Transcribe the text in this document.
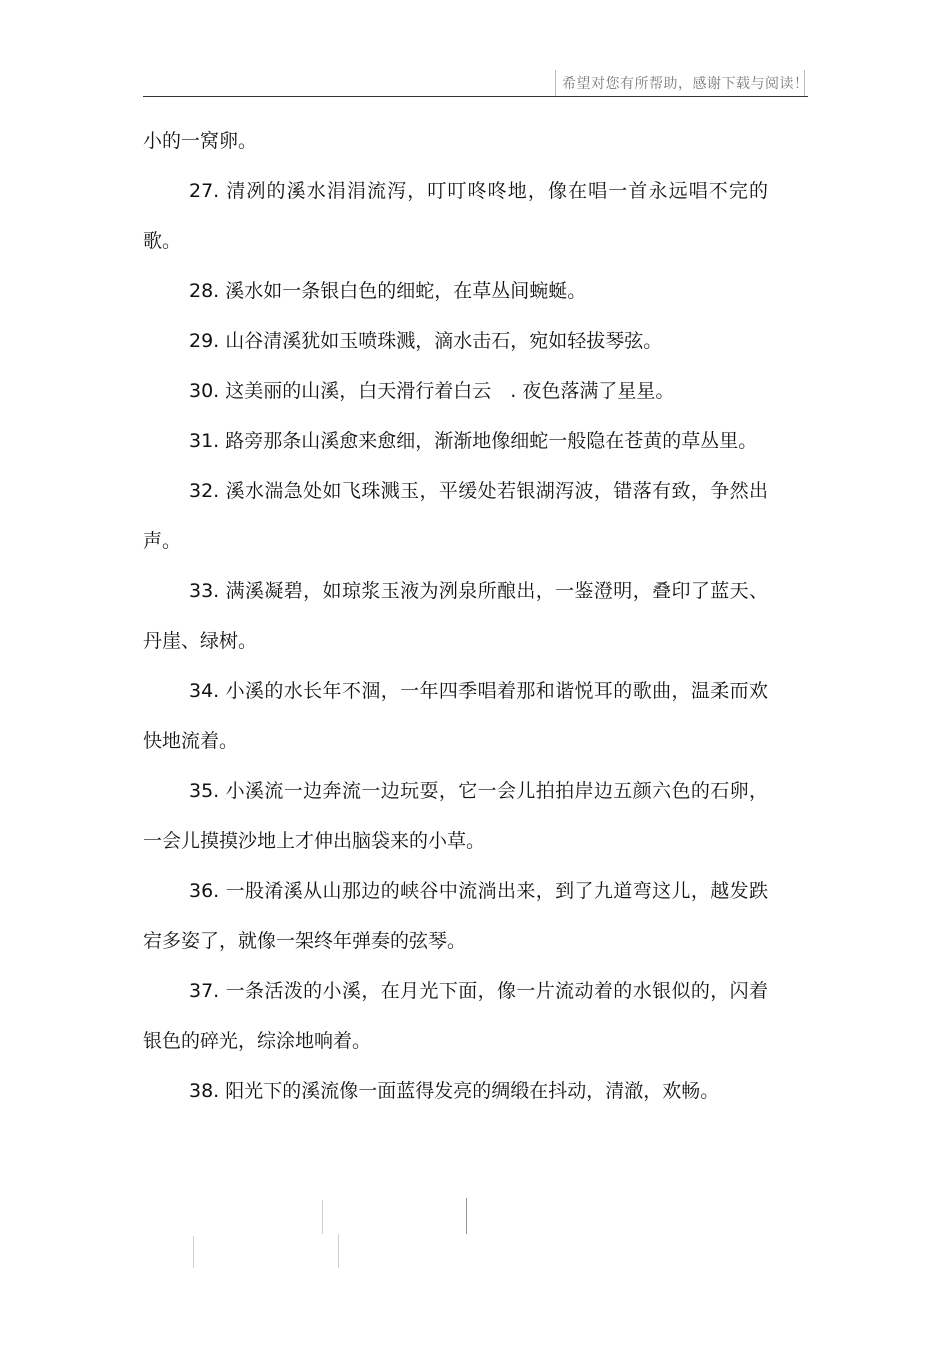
希望对您有所帮助，感谢下载与阅读！

小的一窝卵。

27. 清冽的溪水涓涓流泻，叮叮咚咚地，像在唱一首永远唱不完的歌。

28. 溪水如一条银白色的细蛇，在草丛间蜿蜒。

29. 山谷清溪犹如玉喷珠溅，滴水击石，宛如轻拔琴弦。

30. 这美丽的山溪，白天滑行着白云　. 夜色落满了星星。

31. 路旁那条山溪愈来愈细，渐渐地像细蛇一般隐在苍黄的草丛里。

32. 溪水湍急处如飞珠溅玉，平缓处若银湖泻波，错落有致，争然出声。

33. 满溪凝碧，如琼浆玉液为洌泉所酿出，一鉴澄明，叠印了蓝天、丹崖、绿树。

34. 小溪的水长年不涸，一年四季唱着那和谐悦耳的歌曲，温柔而欢快地流着。

35. 小溪流一边奔流一边玩耍，它一会儿拍拍岸边五颜六色的石卵，一会儿摸摸沙地上才伸出脑袋来的小草。

36. 一股淆溪从山那边的峡谷中流淌出来，到了九道弯这儿，越发跌宕多姿了，就像一架终年弹奏的弦琴。

37. 一条活泼的小溪，在月光下面，像一片流动着的水银似的，闪着银色的碎光，综涂地响着。

38. 阳光下的溪流像一面蓝得发亮的绸缎在抖动，清澈，欢畅。
